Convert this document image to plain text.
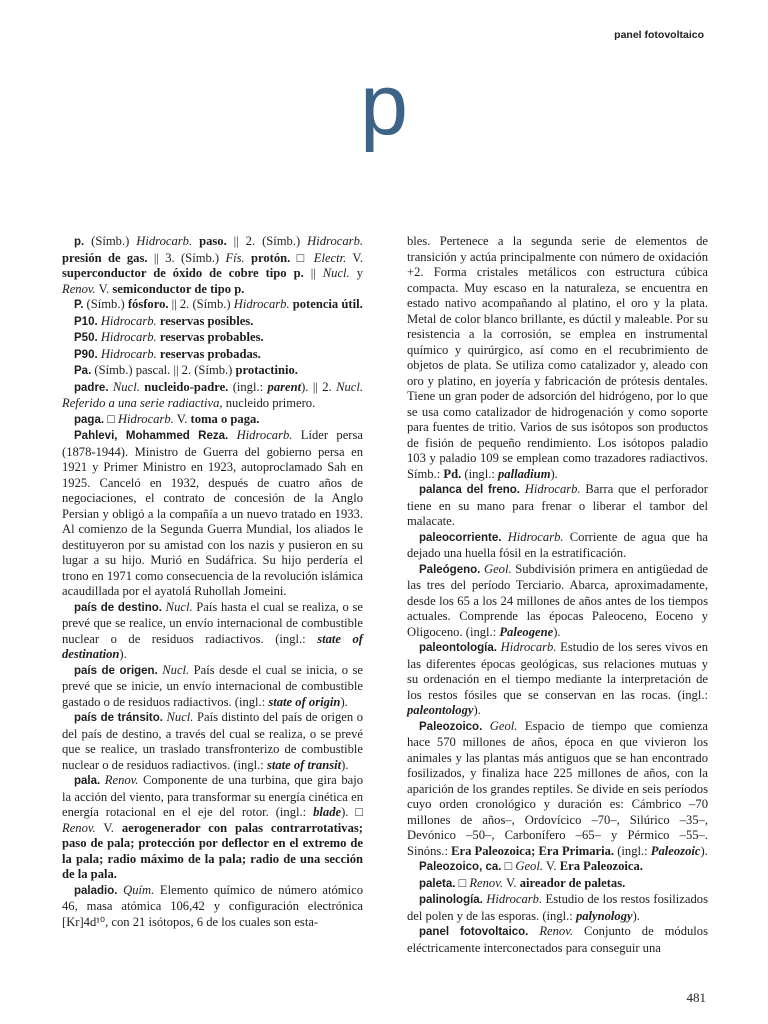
panel fotovoltaico
p

p. (Símb.) Hidrocarb. paso. || 2. (Símb.) Hidrocarb. presión de gas. || 3. (Símb.) Fís. protón. □ Electr. V. superconductor de óxido de cobre tipo p. || Nucl. y Renov. V. semiconductor de tipo p.

P. (Símb.) fósforo. || 2. (Símb.) Hidrocarb. potencia útil.

P10. Hidrocarb. reservas posibles.

P50. Hidrocarb. reservas probables.

P90. Hidrocarb. reservas probadas.

Pa. (Símb.) pascal. || 2. (Símb.) protactinio.

padre. Nucl. nucleido-padre. (ingl.: parent). || 2. Nucl. Referido a una serie radiactiva, nucleido primero.

paga. □ Hidrocarb. V. toma o paga.

Pahlevi, Mohammed Reza. Hidrocarb. Líder persa (1878-1944). Ministro de Guerra del gobierno persa en 1921 y Primer Ministro en 1923, autoproclamado Sah en 1925. Canceló en 1932, después de cuatro años de negociaciones, el contrato de concesión de la Anglo Persian y obligó a la compañía a un nuevo tratado en 1933. Al comienzo de la Segunda Guerra Mundial, los aliados le destituyeron por su amistad con los nazis y pusieron en su lugar a su hijo. Murió en Sudáfrica. Su hijo perdería el trono en 1971 como consecuencia de la revolución islámica acaudillada por el ayatolá Ruhollah Jomeini.

país de destino. Nucl. País hasta el cual se realiza, o se prevé que se realice, un envío internacional de combustible nuclear o de residuos radiactivos. (ingl.: state of destination).

país de origen. Nucl. País desde el cual se inicia, o se prevé que se inicie, un envío internacional de combustible gastado o de residuos radiactivos. (ingl.: state of origin).

país de tránsito. Nucl. País distinto del país de origen o del país de destino, a través del cual se realiza, o se prevé que se realice, un traslado transfronterizo de combustible nuclear o de residuos radiactivos. (ingl.: state of transit).

pala. Renov. Componente de una turbina, que gira bajo la acción del viento, para transformar su energía cinética en energía rotacional en el eje del rotor. (ingl.: blade). □ Renov. V. aerogenerador con palas contrarrotativas; paso de pala; protección por deflector en el extremo de la pala; radio máximo de la pala; radio de una sección de la pala.

paladio. Quím. Elemento químico de número atómico 46, masa atómica 106,42 y configuración electrónica [Kr]4d¹⁰, con 21 isótopos, 6 de los cuales son esta-

bles. Pertenece a la segunda serie de elementos de transición y actúa principalmente con número de oxidación +2. Forma cristales metálicos con estructura cúbica compacta. Muy escaso en la naturaleza, se encuentra en estado nativo acompañando al platino, el oro y la plata. Metal de color blanco brillante, es dúctil y maleable. Por su resistencia a la corrosión, se emplea en instrumental químico y quirúrgico, así como en el recubrimiento de objetos de plata. Se utiliza como catalizador y, aleado con oro y platino, en joyería y fabricación de prótesis dentales. Tiene un gran poder de adsorción del hidrógeno, por lo que se usa como catalizador de hidrogenación y como soporte para fuentes de tritio. Varios de sus isótopos son productos de fisión de pequeño rendimiento. Los isótopos paladio 103 y paladio 109 se emplean como trazadores radiactivos. Símb.: Pd. (ingl.: palladium).

palanca del freno. Hidrocarb. Barra que el perforador tiene en su mano para frenar o liberar el tambor del malacate.

paleocorriente. Hidrocarb. Corriente de agua que ha dejado una huella fósil en la estratificación.

Paleógeno. Geol. Subdivisión primera en antigüedad de las tres del período Terciario. Abarca, aproximadamente, desde los 65 a los 24 millones de años antes de los tiempos actuales. Comprende las épocas Paleoceno, Eoceno y Oligoceno. (ingl.: Paleogene).

paleontología. Hidrocarb. Estudio de los seres vivos en las diferentes épocas geológicas, sus relaciones mutuas y su ordenación en el tiempo mediante la interpretación de los restos fósiles que se conservan en las rocas. (ingl.: paleontology).

Paleozoico. Geol. Espacio de tiempo que comienza hace 570 millones de años, época en que vivieron los animales y las plantas más antiguos que se han encontrado fosilizados, y finaliza hace 225 millones de años, con la aparición de los grandes reptiles. Se divide en seis períodos cuyo orden cronológico y duración es: Cámbrico –70 millones de años–, Ordovícico –70–, Silúrico –35–, Devónico –50–, Carbonífero –65– y Pérmico –55–. Sinóns.: Era Paleozoica; Era Primaria. (ingl.: Paleozoic).

Paleozoico, ca. □ Geol. V. Era Paleozoica.

paleta. □ Renov. V. aireador de paletas.

palinología. Hidrocarb. Estudio de los restos fosilizados del polen y de las esporas. (ingl.: palynology).

panel fotovoltaico. Renov. Conjunto de módulos eléctricamente interconectados para conseguir una

481
